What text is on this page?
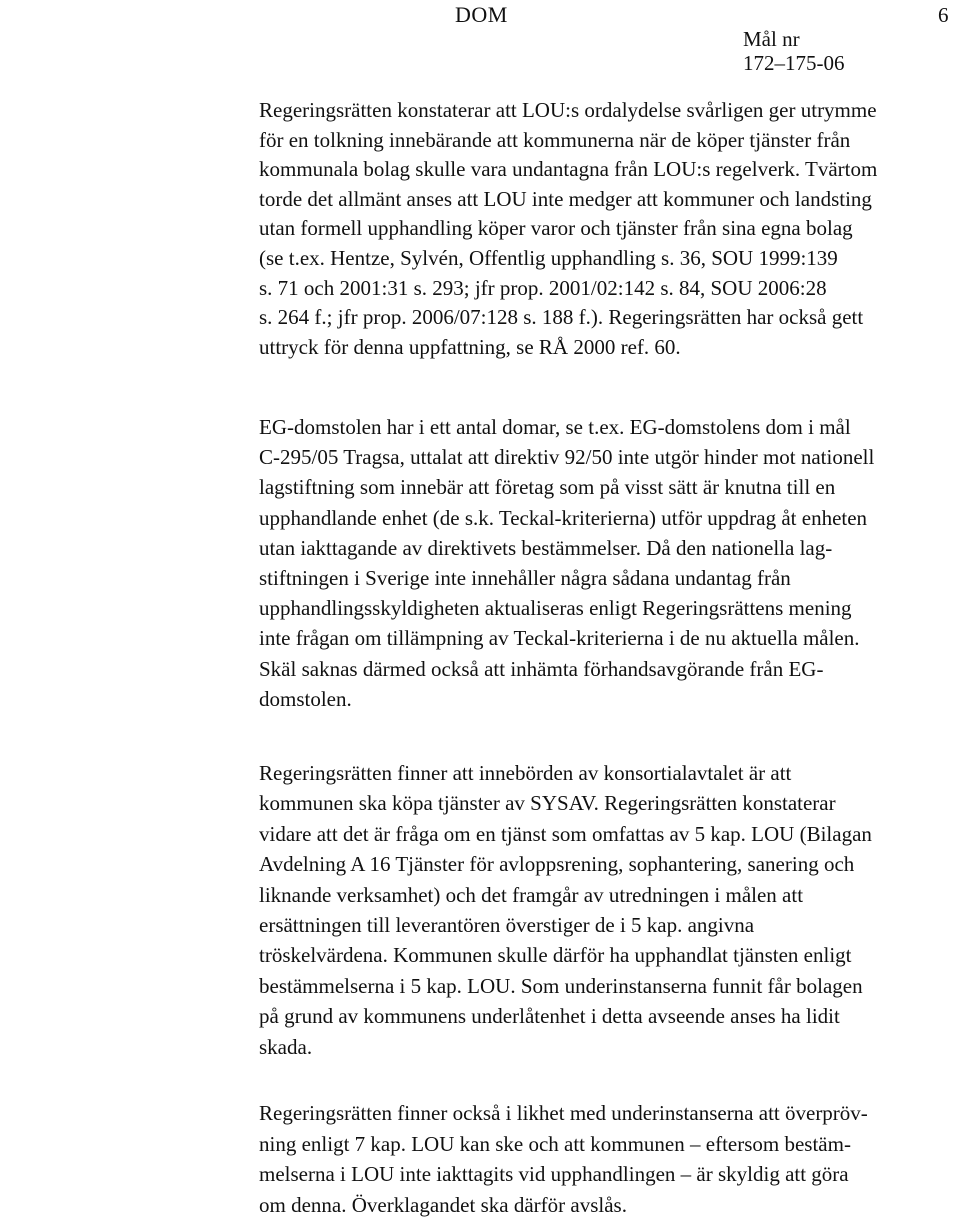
DOM	6
Mål nr
172–175-06

Regeringsrätten konstaterar att LOU:s ordalydelse svårligen ger utrymme
för en tolkning innebärande att kommunerna när de köper tjänster från
kommunala bolag skulle vara undantagna från LOU:s regelverk. Tvärtom
torde det allmänt anses att LOU inte medger att kommuner och landsting
utan formell upphandling köper varor och tjänster från sina egna bolag
(se t.ex. Hentze, Sylvén, Offentlig upphandling s. 36, SOU 1999:139
s. 71 och 2001:31 s. 293; jfr prop. 2001/02:142 s. 84, SOU 2006:28
s. 264 f.; jfr prop. 2006/07:128 s. 188 f.). Regeringsrätten har också gett
uttryck för denna uppfattning, se RÅ 2000 ref. 60.

EG-domstolen har i ett antal domar, se t.ex. EG-domstolens dom i mål
C-295/05 Tragsa, uttalat att direktiv 92/50 inte utgör hinder mot nationell
lagstiftning som innebär att företag som på visst sätt är knutna till en
upphandlande enhet (de s.k. Teckal-kriterierna) utför uppdrag åt enheten
utan iakttagande av direktivets bestämmelser. Då den nationella lag-
stiftningen i Sverige inte innehåller några sådana undantag från
upphandlingsskyldigheten aktualiseras enligt Regeringsrättens mening
inte frågan om tillämpning av Teckal-kriterierna i de nu aktuella målen.
Skäl saknas därmed också att inhämta förhandsavgörande från EG-
domstolen.

Regeringsrätten finner att innebörden av konsortialavtalet är att
kommunen ska köpa tjänster av SYSAV. Regeringsrätten konstaterar
vidare att det är fråga om en tjänst som omfattas av 5 kap. LOU (Bilagan
Avdelning A 16 Tjänster för avloppsrening, sophantering, sanering och
liknande verksamhet) och det framgår av utredningen i målen att
ersättningen till leverantören överstiger de i 5 kap. angivna
tröskelvärdena. Kommunen skulle därför ha upphandlat tjänsten enligt
bestämmelserna i 5 kap. LOU. Som underinstanserna funnit får bolagen
på grund av kommunens underlåtenhet i detta avseende anses ha lidit
skada.

Regeringsrätten finner också i likhet med underinstanserna att överpröv-
ning enligt 7 kap. LOU kan ske och att kommunen – eftersom bestäm-
melserna i LOU inte iakttagits vid upphandlingen – är skyldig att göra
om denna. Överklagandet ska därför avslås.
